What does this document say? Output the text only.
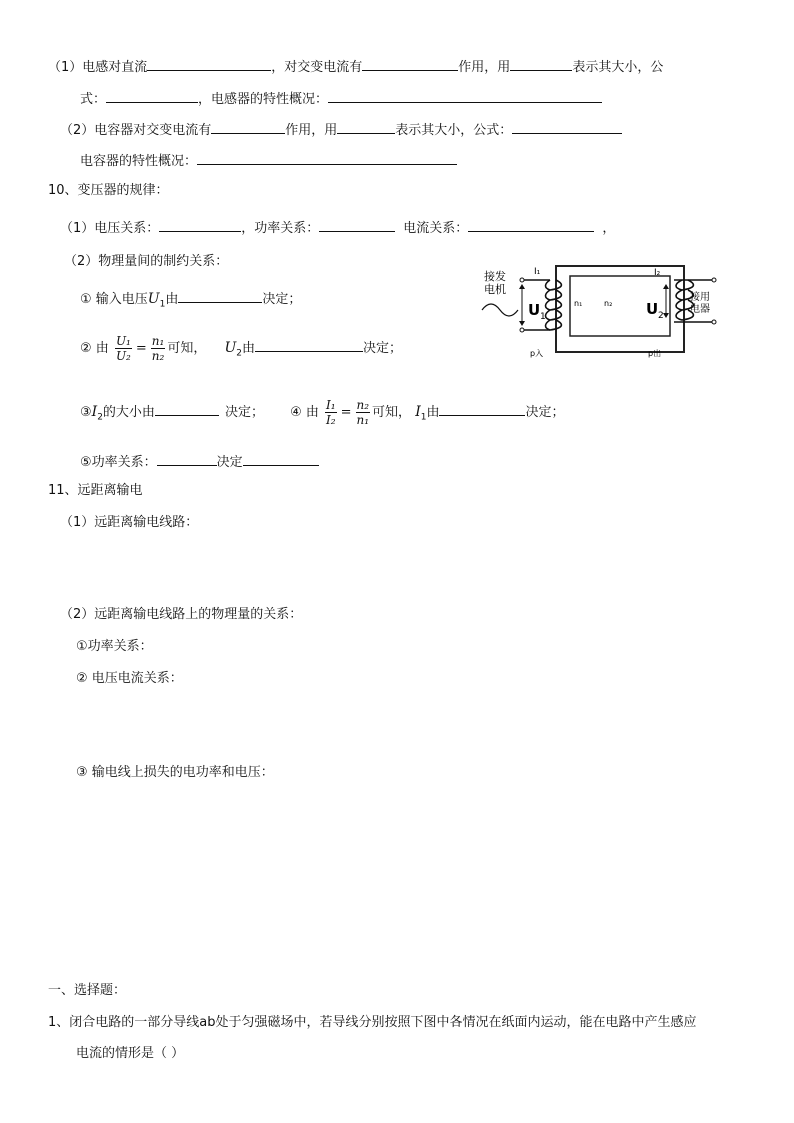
（1）电感对直流	，对交变电流有	作用，用	表示其大小，公
式：	，电感器的特性概况：
（2）电容器对交变电流有	作用，用	表示其大小，公式：
电容器的特性概况：
10、变压器的规律：
（1）电压关系：	，功率关系：	电流关系：	，
（2）物理量间的制约关系：
① 输入电压$U_1$由	决定；
② 由 $\frac{\text{U₁}}{\text{U₂}} = \frac{\text{n₁}}{\text{n₂}}$ 可知， $U_2$由	决定；
$③I_2$的大小由	决定； ④ 由 $\frac{\text{I₁}}{\text{I₂}} = \frac{\text{n₂}}{\text{n₁}}$ 可知， $I_1$由	决定；
⑤功率关系：	决定
接发
电机
接用
电器
U 1	U 2
I₁	I₂
n₁	n₂
p入	p出
11、远距离输电
（1）远距离输电线路：
（2）远距离输电线路上的物理量的关系：
①功率关系：
② 电压电流关系：
③ 输电线上损失的电功率和电压：
一、选择题：
1、闭合电路的一部分导线ab处于匀强磁场中，若导线分别按照下图中各情况在纸面内运动，能在电路中产生感应
电流的情形是（ ）
